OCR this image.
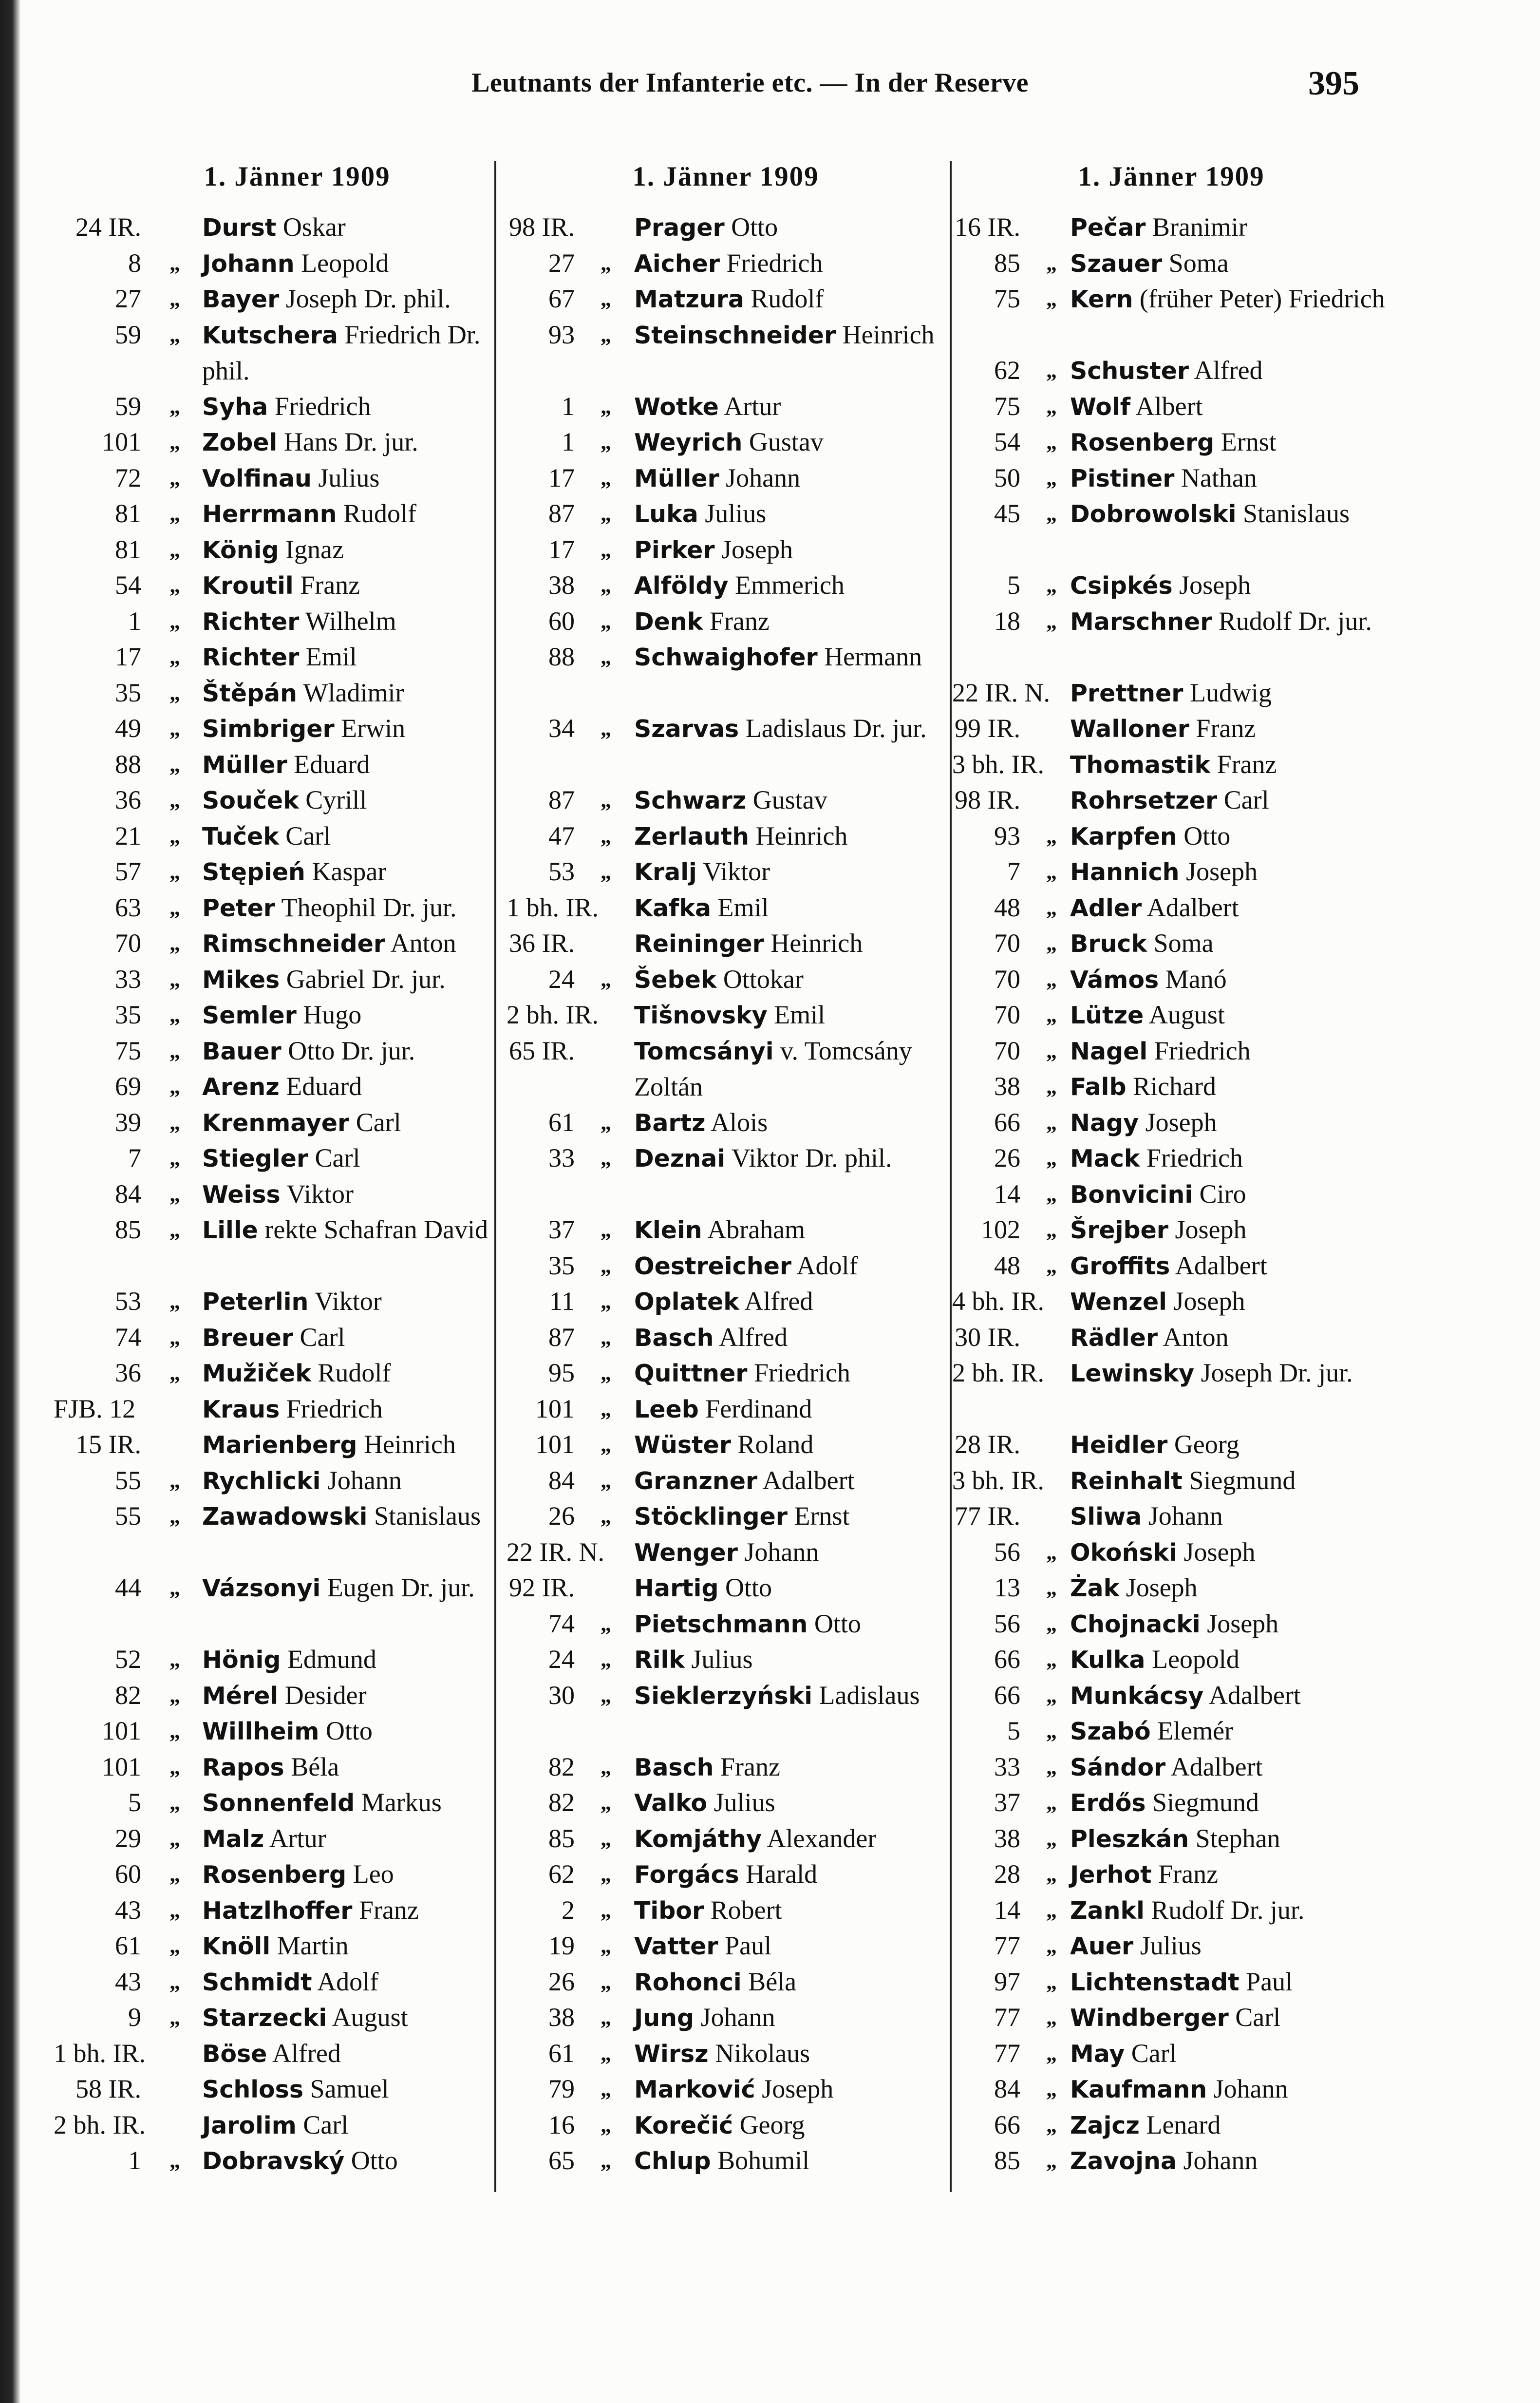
Leutnants der Infanterie etc. — In der Reserve	395
1. Jänner 1909
24 IR.	Durst Oskar
8 „ Johann Leopold
27 „ Bayer Joseph Dr. phil.
59 „ Kutschera Friedrich Dr. phil.
59 „ Syha Friedrich
101 „ Zobel Hans Dr. jur.
72 „ Volfinau Julius
81 „ Herrmann Rudolf
81 „ König Ignaz
54 „ Kroutil Franz
1 „ Richter Wilhelm
17 „ Richter Emil
35 „ Štěpán Wladimir
49 „ Simbriger Erwin
88 „ Müller Eduard
36 „ Souček Cyrill
21 „ Tuček Carl
57 „ Stępień Kaspar
63 „ Peter Theophil Dr. jur.
70 „ Rimschneider Anton
33 „ Mikes Gabriel Dr. jur.
35 „ Semler Hugo
75 „ Bauer Otto Dr. jur.
69 „ Arenz Eduard
39 „ Krenmayer Carl
7 „ Stiegler Carl
84 „ Weiss Viktor
85 „ Lille rekte Schafran David
53 „ Peterlin Viktor
74 „ Breuer Carl
36 „ Mužiček Rudolf
FJB. 12	Kraus Friedrich
15 IR.	Marienberg Heinrich
55 „ Rychlicki Johann
55 „ Zawadowski Stanislaus
44 „ Vázsonyi Eugen Dr. jur.
52 „ Hönig Edmund
82 „ Mérel Desider
101 „ Willheim Otto
101 „ Rapos Béla
5 „ Sonnenfeld Markus
29 „ Malz Artur
60 „ Rosenberg Leo
43 „ Hatzlhoffer Franz
61 „ Knöll Martin
43 „ Schmidt Adolf
9 „ Starzecki August
1 bh. IR.	Böse Alfred
58 IR.	Schloss Samuel
2 bh. IR.	Jarolim Carl
1 „ Dobravský Otto
1. Jänner 1909
98 IR. Prager Otto
27 „ Aicher Friedrich
67 „ Matzura Rudolf
93 „ Steinschneider Heinrich
1 „ Wotke Artur
1 „ Weyrich Gustav
17 „ Müller Johann
87 „ Luka Julius
17 „ Pirker Joseph
38 „ Alföldy Emmerich
60 „ Denk Franz
88 „ Schwaighofer Hermann
34 „ Szarvas Ladislaus Dr. jur.
87 „ Schwarz Gustav
47 „ Zerlauth Heinrich
53 „ Kralj Viktor
1 bh. IR.	Kafka Emil
36 IR. Reininger Heinrich
24 „ Šebek Ottokar
2 bh. IR.	Tišnovsky Emil
65 IR. Tomcsányi v. Tomcsány Zoltán
61 „ Bartz Alois
33 „ Deznai Viktor Dr. phil.
37 „ Klein Abraham
35 „ Oestreicher Adolf
11 „ Oplatek Alfred
87 „ Basch Alfred
95 „ Quittner Friedrich
101 „ Leeb Ferdinand
101 „ Wüster Roland
84 „ Granzner Adalbert
26 „ Stöcklinger Ernst
22 IR. N.	Wenger Johann
92 IR. Hartig Otto
74 „ Pietschmann Otto
24 „ Rilk Julius
30 „ Sieklerzyński Ladislaus
82 „ Basch Franz
82 „ Valko Julius
85 „ Komjáthy Alexander
62 „ Forgács Harald
2 „ Tibor Robert
19 „ Vatter Paul
26 „ Rohonci Béla
38 „ Jung Johann
61 „ Wirsz Nikolaus
79 „ Marković Joseph
16 „ Korečić Georg
65 „ Chlup Bohumil
1. Jänner 1909
16 IR. Pečar Branimir
85 „ Szauer Soma
75 „ Kern (früher Peter) Friedrich
62 „ Schuster Alfred
75 „ Wolf Albert
54 „ Rosenberg Ernst
50 „ Pistiner Nathan
45 „ Dobrowolski Stanislaus
5 „ Csipkés Joseph
18 „ Marschner Rudolf Dr. jur.
22 IR. N. Prettner Ludwig
99 IR. Walloner Franz
3 bh. IR.	Thomastik Franz
98 IR. Rohrsetzer Carl
93 „ Karpfen Otto
7 „ Hannich Joseph
48 „ Adler Adalbert
70 „ Bruck Soma
70 „ Vámos Manó
70 „ Lütze August
70 „ Nagel Friedrich
38 „ Falb Richard
66 „ Nagy Joseph
26 „ Mack Friedrich
14 „ Bonvicini Ciro
102 „ Šrejber Joseph
48 „ Groffits Adalbert
4 bh. IR.	Wenzel Joseph
30 IR. Rädler Anton
2 bh. IR.	Lewinsky Joseph Dr. jur.
28 IR. Heidler Georg
3 bh. IR.	Reinhalt Siegmund
77 IR. Sliwa Johann
56 „ Okoński Joseph
13 „ Żak Joseph
56 „ Chojnacki Joseph
66 „ Kulka Leopold
66 „ Munkácsy Adalbert
5 „ Szabó Elemér
33 „ Sándor Adalbert
37 „ Erdős Siegmund
38 „ Pleszkán Stephan
28 „ Jerhot Franz
14 „ Zankl Rudolf Dr. jur.
77 „ Auer Julius
97 „ Lichtenstadt Paul
77 „ Windberger Carl
77 „ May Carl
84 „ Kaufmann Johann
66 „ Zajcz Lenard
85 „ Zavojna Johann
